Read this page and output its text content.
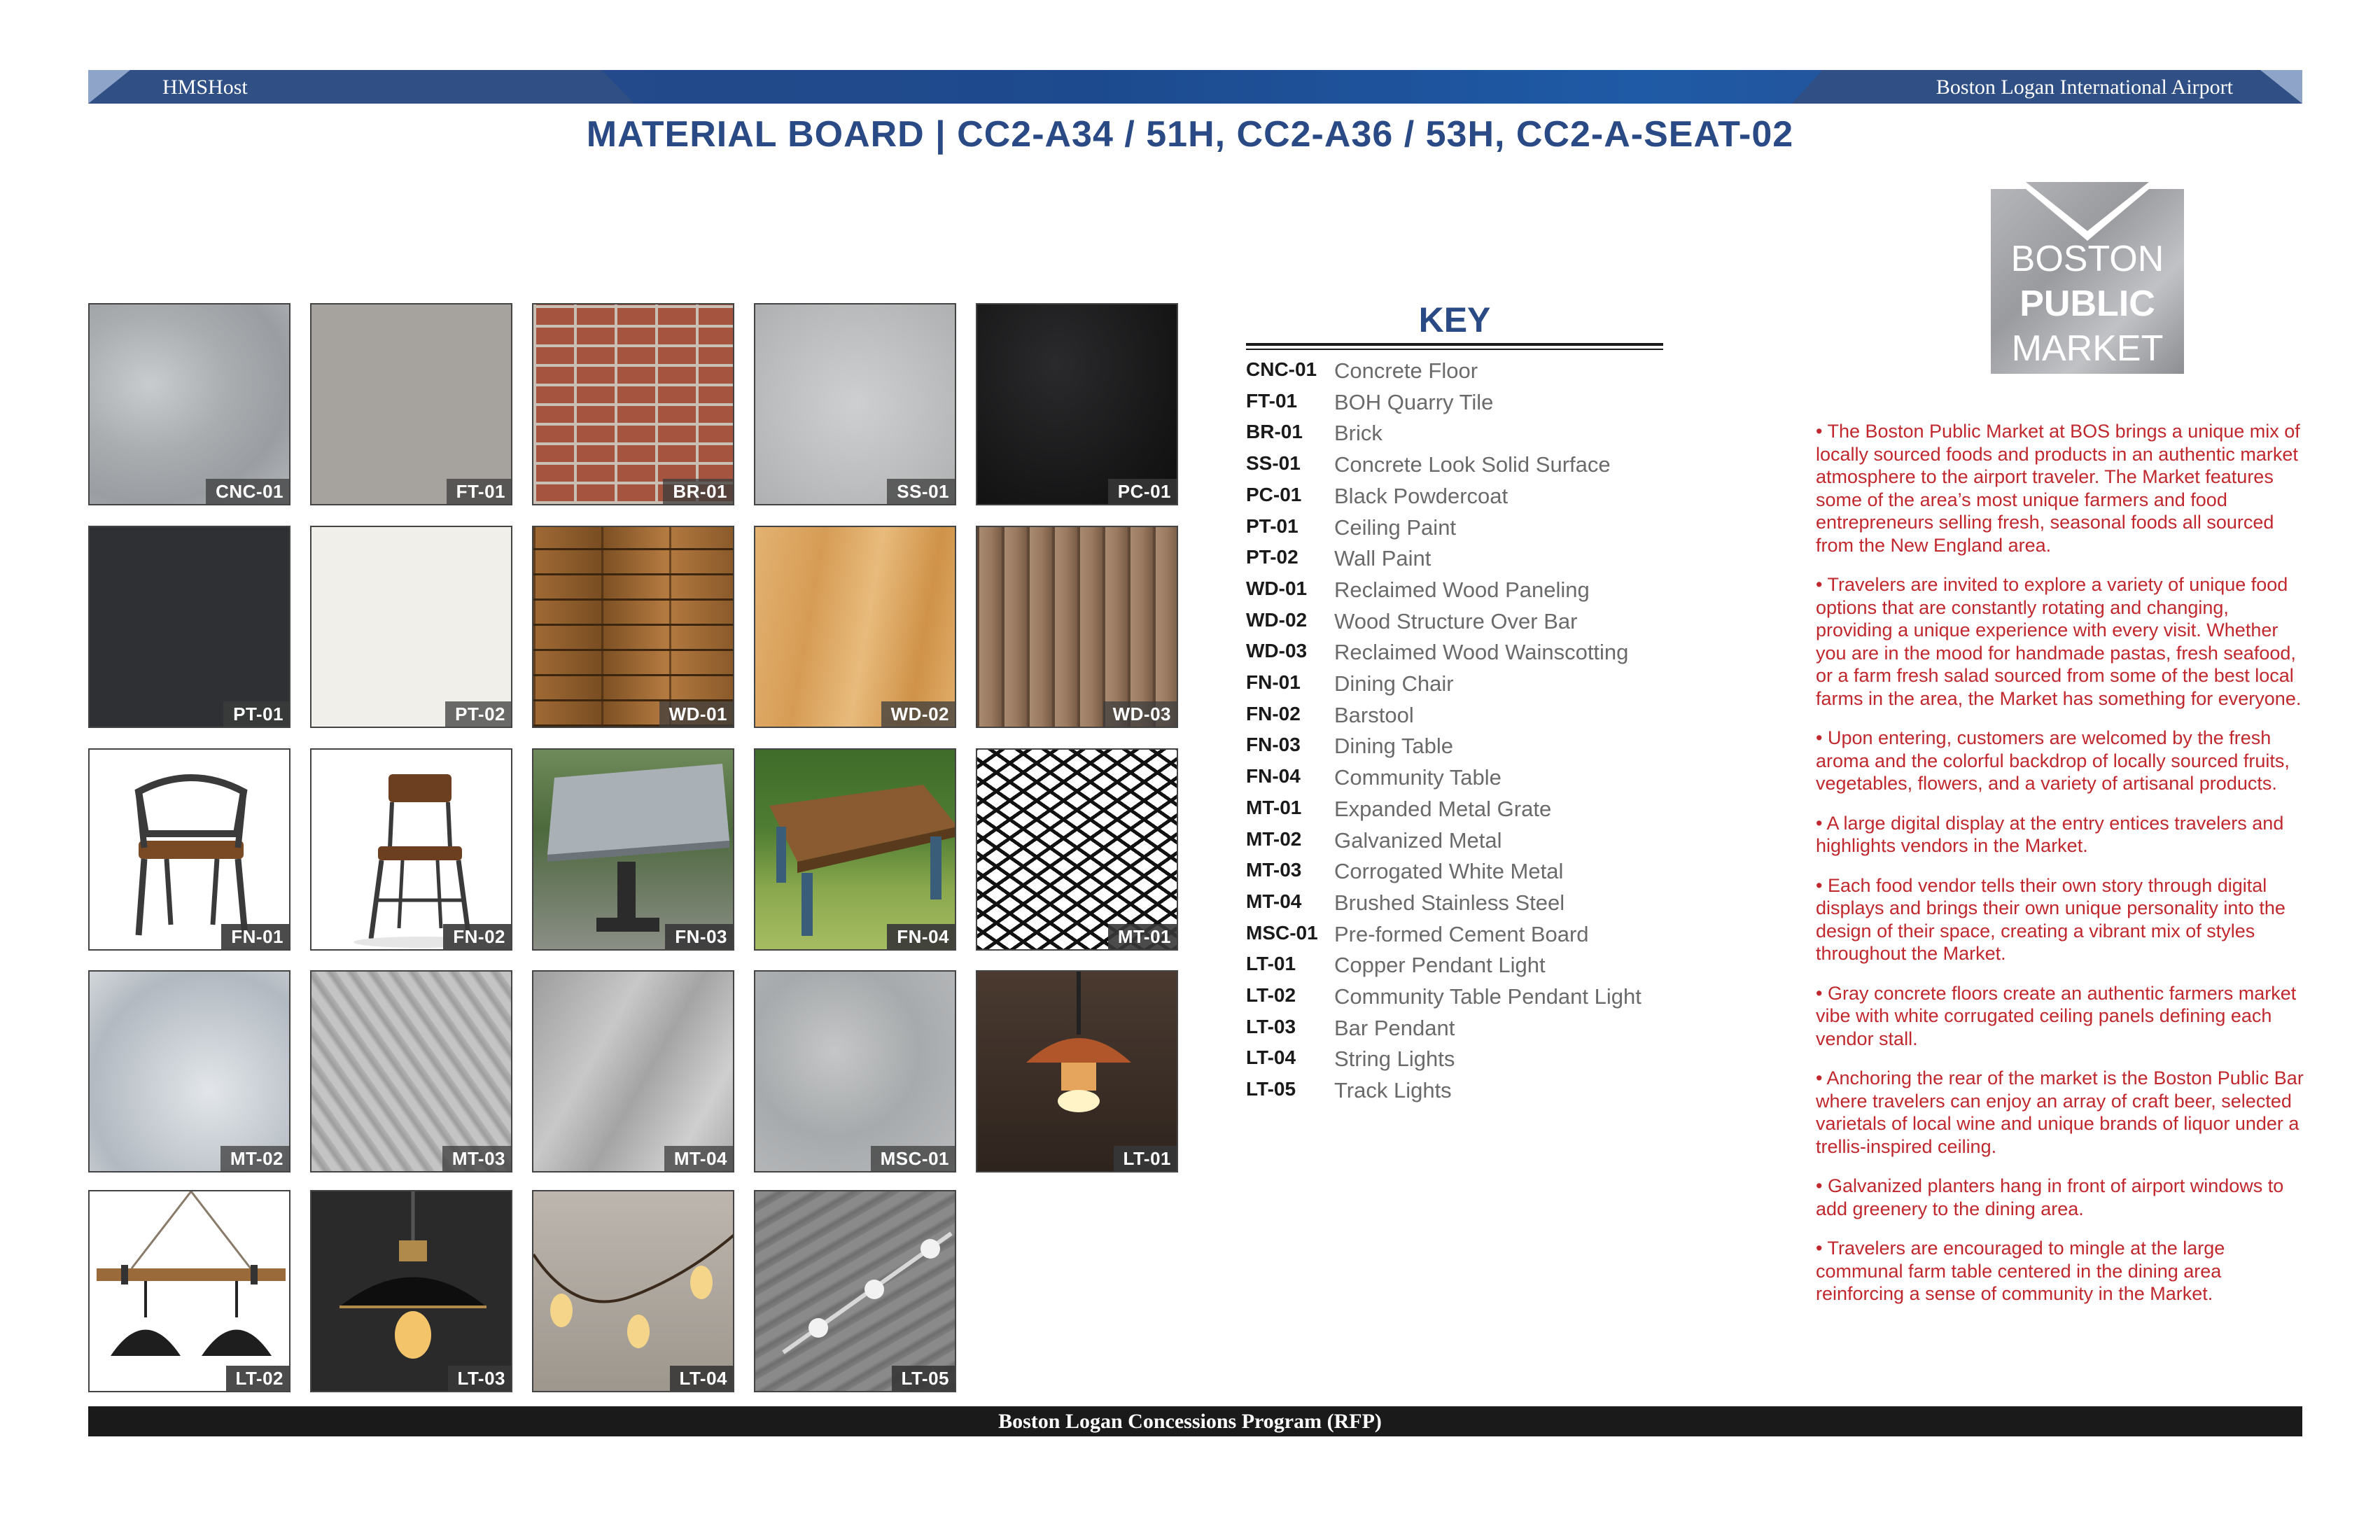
HMSHost	Boston Logan International Airport
MATERIAL BOARD | CC2-A34 / 51H, CC2-A36 / 53H, CC2-A-SEAT-02
CNC-01	FT-01	BR-01	SS-01	PC-01
PT-01	PT-02	WD-01	WD-02	WD-03
FN-01	FN-02	FN-03	FN-04	MT-01
MT-02	MT-03	MT-04	MSC-01	LT-01
LT-02	LT-03	LT-04	LT-05
KEY
CNC-01 Concrete Floor
FT-01	BOH Quarry Tile
BR-01	Brick
SS-01	Concrete Look Solid Surface
PC-01	Black Powdercoat
PT-01	Ceiling Paint
PT-02	Wall Paint
WD-01	Reclaimed Wood Paneling
WD-02	Wood Structure Over Bar
WD-03	Reclaimed Wood Wainscotting
FN-01	Dining Chair
FN-02	Barstool
FN-03	Dining Table
FN-04	Community Table
MT-01	Expanded Metal Grate
MT-02	Galvanized Metal
MT-03	Corrogated White Metal
MT-04	Brushed Stainless Steel
MSC-01 Pre-formed Cement Board
LT-01	Copper Pendant Light
LT-02	Community Table Pendant Light
LT-03	Bar Pendant
LT-04	String Lights
LT-05	Track Lights
BOSTON
PUBLIC
MARKET

• The Boston Public Market at BOS brings a unique mix of locally sourced foods and products in an authentic market atmosphere to the airport traveler. The Market features some of the area’s most unique farmers and food entrepreneurs selling fresh, seasonal foods all sourced from the New England area.

• Travelers are invited to explore a variety of unique food options that are constantly rotating and changing, providing a unique experience with every visit. Whether you are in the mood for handmade pastas, fresh seafood, or a farm fresh salad sourced from some of the best local farms in the area, the Market has something for everyone.

• Upon entering, customers are welcomed by the fresh aroma and the colorful backdrop of locally sourced fruits, vegetables, flowers, and a variety of artisanal products.

• A large digital display at the entry entices travelers and highlights vendors in the Market.

• Each food vendor tells their own story through digital displays and brings their own unique personality into the design of their space, creating a vibrant mix of styles throughout the Market.

• Gray concrete floors create an authentic farmers market vibe with white corrugated ceiling panels defining each vendor stall.

• Anchoring the rear of the market is the Boston Public Bar where travelers can enjoy an array of craft beer, selected varietals of local wine and unique brands of liquor under a trellis-inspired ceiling.

• Galvanized planters hang in front of airport windows to add greenery to the dining area.

• Travelers are encouraged to mingle at the large communal farm table centered in the dining area reinforcing a sense of community in the Market.

Boston Logan Concessions Program (RFP)
